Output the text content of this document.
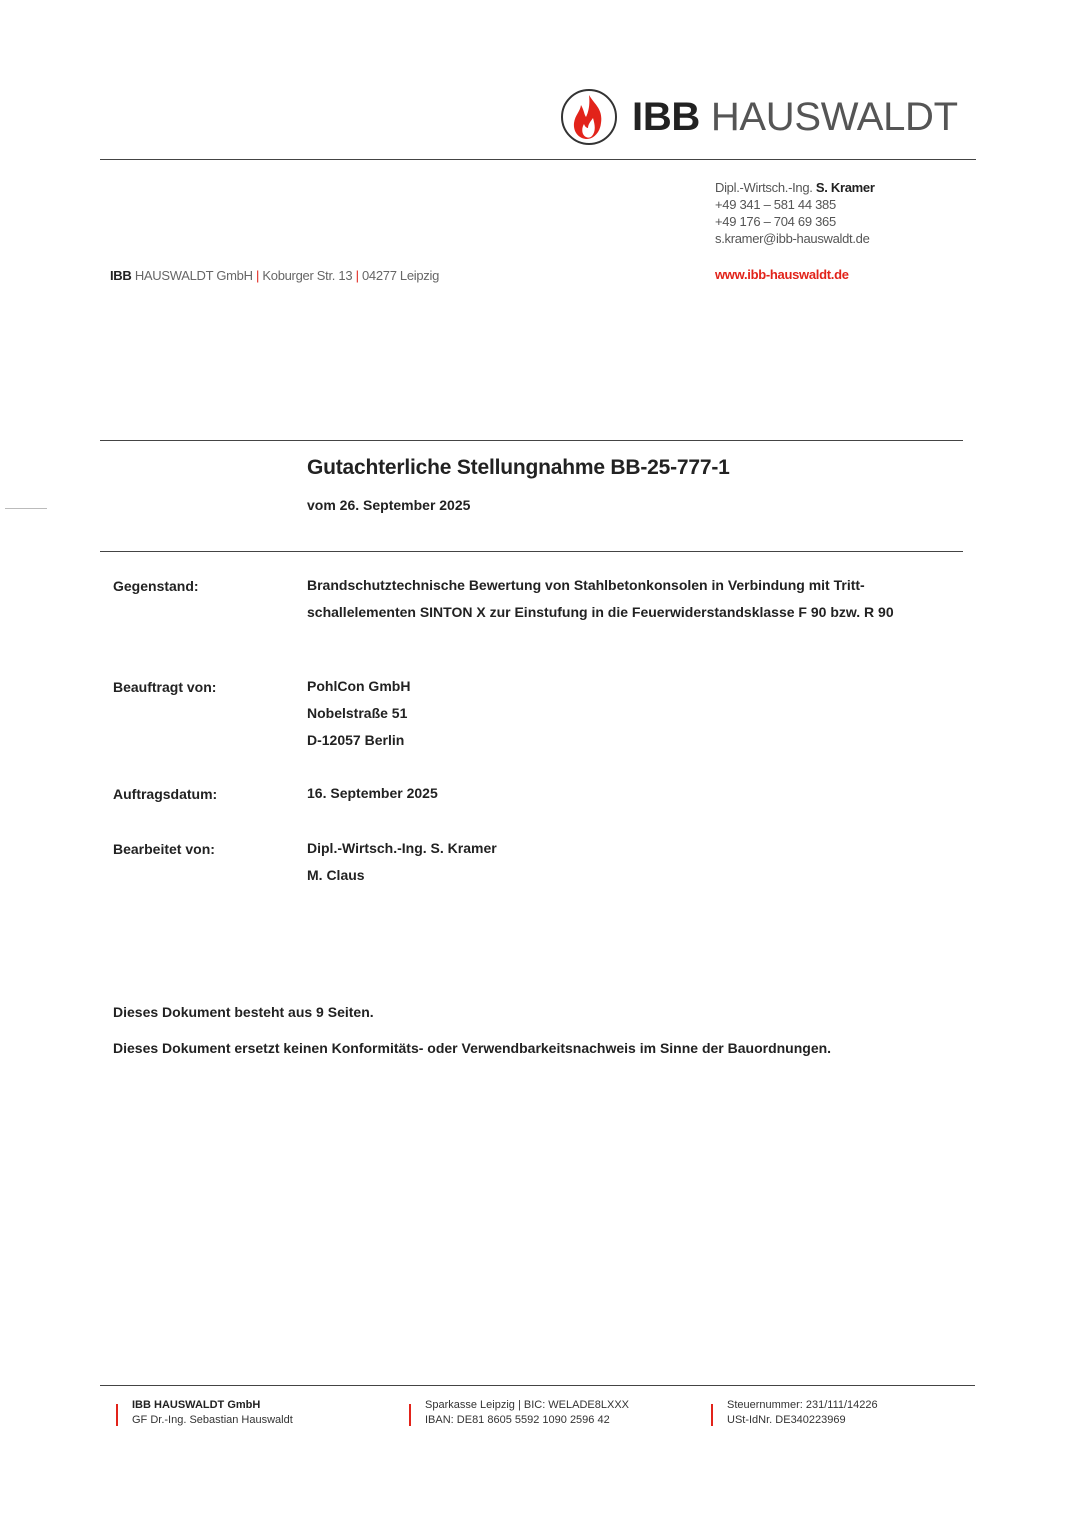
IBB HAUSWALDT
Dipl.-Wirtsch.-Ing. S. Kramer
+49 341 – 581 44 385
+49 176 – 704 69 365
s.kramer@ibb-hauswaldt.de
www.ibb-hauswaldt.de
IBB HAUSWALDT GmbH | Koburger Str. 13 | 04277 Leipzig
Gutachterliche Stellungnahme BB-25-777-1
vom 26. September 2025
Gegenstand:	Brandschutztechnische Bewertung von Stahlbetonkonsolen in Verbindung mit Tritt-
schallelementen SINTON X zur Einstufung in die Feuerwiderstandsklasse F 90 bzw. R 90
Beauftragt von:	PohlCon GmbH
Nobelstraße 51
D-12057 Berlin
Auftragsdatum:	16. September 2025
Bearbeitet von:	Dipl.-Wirtsch.-Ing. S. Kramer
M. Claus
Dieses Dokument besteht aus 9 Seiten.
Dieses Dokument ersetzt keinen Konformitäts- oder Verwendbarkeitsnachweis im Sinne der Bauordnungen.
IBB HAUSWALDT GmbH
GF Dr.-Ing. Sebastian Hauswaldt
Sparkasse Leipzig | BIC: WELADE8LXXX
IBAN: DE81 8605 5592 1090 2596 42
Steuernummer: 231/111/14226
USt-IdNr. DE340223969
